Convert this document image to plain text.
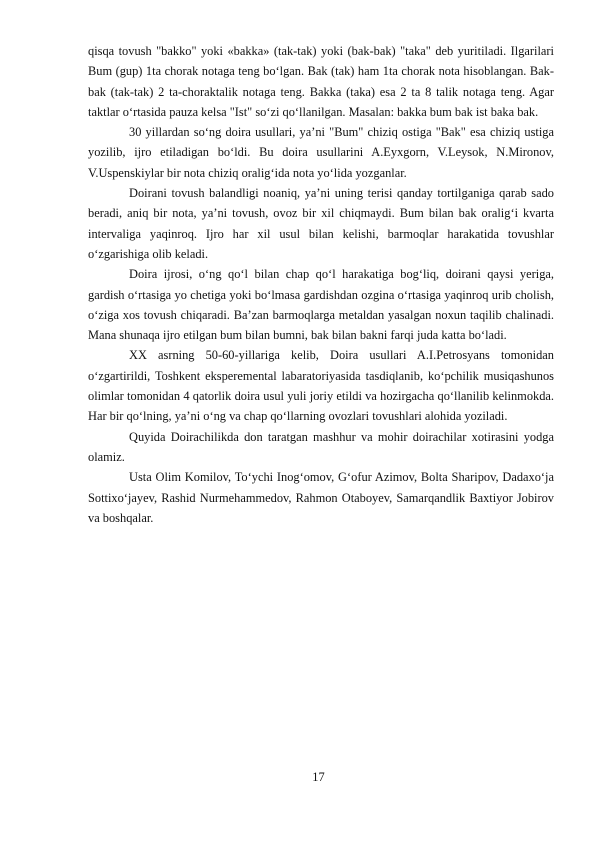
qisqa tovush "bakko" yoki «bakka» (tak-tak) yoki (bak-bak) "taka" deb yuritiladi. Ilgarilari Bum (gup) 1ta chorak notaga teng bo‘lgan. Bak (tak) ham 1ta chorak nota hisoblangan. Bak-bak (tak-tak) 2 ta-choraktalik notaga teng. Bakka (taka) esa 2 ta 8 talik notaga teng. Agar taktlar o‘rtasida pauza kelsa "Ist" so‘zi qo‘llanilgan. Masalan: bakka bum bak ist baka bak.

30 yillardan so‘ng doira usullari, ya’ni "Bum" chiziq ostiga "Bak" esa chiziq ustiga yozilib, ijro etiladigan bo‘ldi. Bu doira usullarini A.Eyxgorn, V.Leysok, N.Mironov, V.Uspenskiylar bir nota chiziq oralig‘ida nota yo‘lida yozganlar.

Doirani tovush balandligi noaniq, ya’ni uning terisi qanday tortilganiga qarab sado beradi, aniq bir nota, ya’ni tovush, ovoz bir xil chiqmaydi. Bum bilan bak oralig‘i kvarta intervaliga yaqinroq. Ijro har xil usul bilan kelishi, barmoqlar harakatida tovushlar o‘zgarishiga olib keladi.

Doira ijrosi, o‘ng qo‘l bilan chap qo‘l harakatiga bog‘liq, doirani qaysi yeriga, gardish o‘rtasiga yo chetiga yoki bo‘lmasa gardishdan ozgina o‘rtasiga yaqinroq urib cholish, o‘ziga xos tovush chiqaradi. Ba’zan barmoqlarga metaldan yasalgan noxun taqilib chalinadi. Mana shunaqa ijro etilgan bum bilan bumni, bak bilan bakni farqi juda katta bo‘ladi.

XX asrning 50-60-yillariga kelib, Doira usullari A.I.Petrosyans tomonidan o‘zgartirildi, Toshkent eksperemental labaratoriyasida tasdiqlanib, ko‘pchilik musiqashunos olimlar tomonidan 4 qatorlik doira usul yuli joriy etildi va hozirgacha qo‘llanilib kelinmokda. Har bir qo‘lning, ya’ni o‘ng va chap qo‘llarning ovozlari tovushlari alohida yoziladi.

Quyida Doirachilikda don taratgan mashhur va mohir doirachilar xotirasini yodga olamiz.

Usta Olim Komilov, To‘ychi Inog‘omov, G‘ofur Azimov, Bolta Sharipov, Dadaxo‘ja Sottixo‘jayev, Rashid Nurmehammedov, Rahmon Otaboyev, Samarqandlik Baxtiyor Jobirov va boshqalar.

17
